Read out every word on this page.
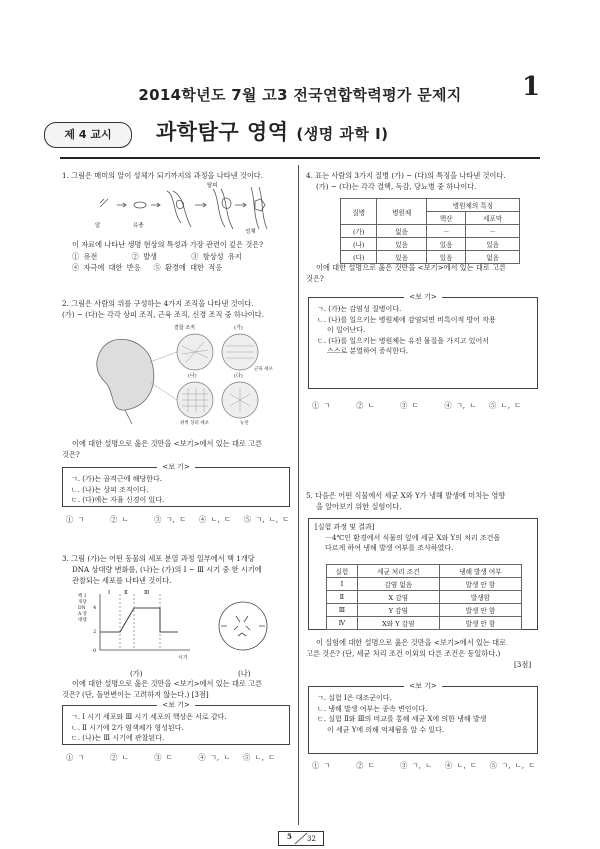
2014학년도 7월 고3 전국연합학력평가 문제지	1
제 4 교시	과학탐구 영역 (생명 과학 Ⅰ)
1. 그림은 매미의 알이 성체가 되기까지의 과정을 나타낸 것이다.
알	유충
탈피
성체
이 자료에 나타난 생명 현상의 특성과 가장 관련이 깊은 것은?
① 유전        ② 발생        ③ 항상성 유지
④ 자극에 대한 반응   ⑤ 환경에 대한 적응
2. 그림은 사람의 위를 구성하는 4가지 조직을 나타낸 것이다.
(가) ~ (다)는 각각 상피 조직, 근육 조직, 신경 조직 중 하나이다.
결합 조직	(가)
(나)	(다)
근육 세포
위벽 상피 세포	뉴런
이에 대한 설명으로 옳은 것만을 <보기>에서 있는 대로 고른
것은?
<보 기>
ㄱ. (가)는 골격근에 해당한다.
ㄴ. (나)는 상피 조직이다.
ㄷ. (다)에는 자율 신경이 있다.
① ㄱ      ② ㄴ      ③ ㄱ, ㄷ   ④ ㄴ, ㄷ   ⑤ ㄱ, ㄴ, ㄷ
3. 그림 (가)는 어떤 동물의 세포 분열 과정 일부에서 핵 1개당
DNA 상대량 변화를, (나)는 (가)의 Ⅰ ~ Ⅲ 시기 중 한 시기에
관찰되는 세포를 나타낸 것이다.
Ⅰ	Ⅱ	Ⅲ
4
2
0
핵 1개당 DNA 상대량
시기
(가)	(나)
이에 대한 설명으로 옳은 것만을 <보기>에서 있는 대로 고른
것은? (단, 돌연변이는 고려하지 않는다.) [3점]
<보 기>
ㄱ. Ⅰ 시기 세포와 Ⅲ 시기 세포의 핵상은 서로 같다.
ㄴ. Ⅱ 시기에 2가 염색체가 형성된다.
ㄷ. (나)는 Ⅲ 시기에 관찰된다.
① ㄱ      ② ㄴ      ③ ㄷ      ④ ㄱ, ㄴ   ⑤ ㄴ, ㄷ
4. 표는 사람의 3가지 질병 (가) ~ (다)의 특징을 나타낸 것이다.
(가) ~ (다)는 각각 결핵, 독감, 당뇨병 중 하나이다.
질병	병원체	병원체의 특징	
		핵산	세포막
(가)	없음	－	－
(나)	있음	있음	있음
(다)	있음	있음	없음
이에 대한 설명으로 옳은 것만을 <보기>에서 있는 대로 고른
것은?
<보 기>
ㄱ. (가)는 감염성 질병이다.
ㄴ. (나)를 일으키는 병원체에 감염되면 비특이적 방어 작용
이 일어난다.
ㄷ. (다)를 일으키는 병원체는 유전 물질을 가지고 있어서
스스로 분열하여 증식한다.
① ㄱ      ② ㄴ      ③ ㄷ      ④ ㄱ, ㄴ   ⑤ ㄴ, ㄷ
5. 다음은 어떤 식물에서 세균 X와 Y가 냉해 발생에 미치는 영향
을 알아보기 위한 실험이다.
[실험 과정 및 결과]
－4℃인 환경에서 식물의 잎에 세균 X와 Y의 처리 조건을
다르게 하여 냉해 발생 여부를 조사하였다.
실험	세균 처리 조건	냉해 발생 여부
Ⅰ	감염 없음	발생 안 함
Ⅱ	X 감염	발생함
Ⅲ	Y 감염	발생 안 함
Ⅳ	X와 Y 감염	발생 안 함
이 실험에 대한 설명으로 옳은 것만을 <보기>에서 있는 대로
고른 것은? (단, 세균 처리 조건 이외의 다른 조건은 동일하다.)
[3점]
<보 기>
ㄱ. 실험 Ⅰ은 대조군이다.
ㄴ. 냉해 발생 여부는 종속 변인이다.
ㄷ. 실험 Ⅱ와 Ⅲ의 비교를 통해 세균 X에 의한 냉해 발생
이 세균 Y에 의해 억제됨을 알 수 있다.
① ㄱ      ② ㄷ      ③ ㄱ, ㄴ   ④ ㄴ, ㄷ   ⑤ ㄱ, ㄴ, ㄷ
5 32
